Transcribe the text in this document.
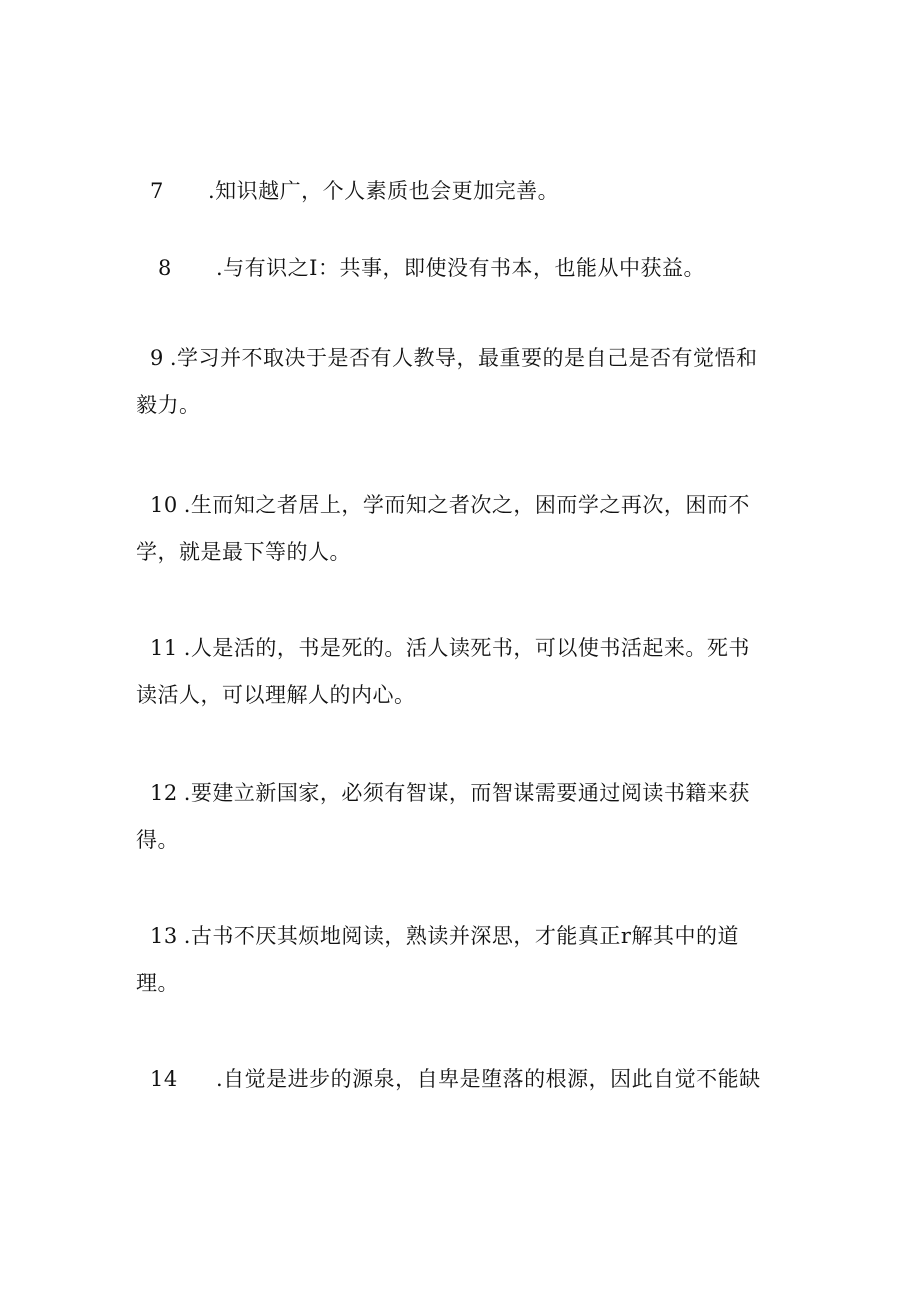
7 .知识越广，个人素质也会更加完善。

8 .与有识之I：共事，即使没有书本，也能从中获益。

9 .学习并不取决于是否有人教导，最重要的是自己是否有觉悟和
毅力。

10 .生而知之者居上，学而知之者次之，困而学之再次，困而不
学，就是最下等的人。

11 .人是活的，书是死的。活人读死书，可以使书活起来。死书
读活人，可以理解人的内心。

12 .要建立新国家，必须有智谋，而智谋需要通过阅读书籍来获
得。

13 .古书不厌其烦地阅读，熟读并深思，才能真正r解其中的道
理。

14 .自觉是进步的源泉，自卑是堕落的根源，因此自觉不能缺
